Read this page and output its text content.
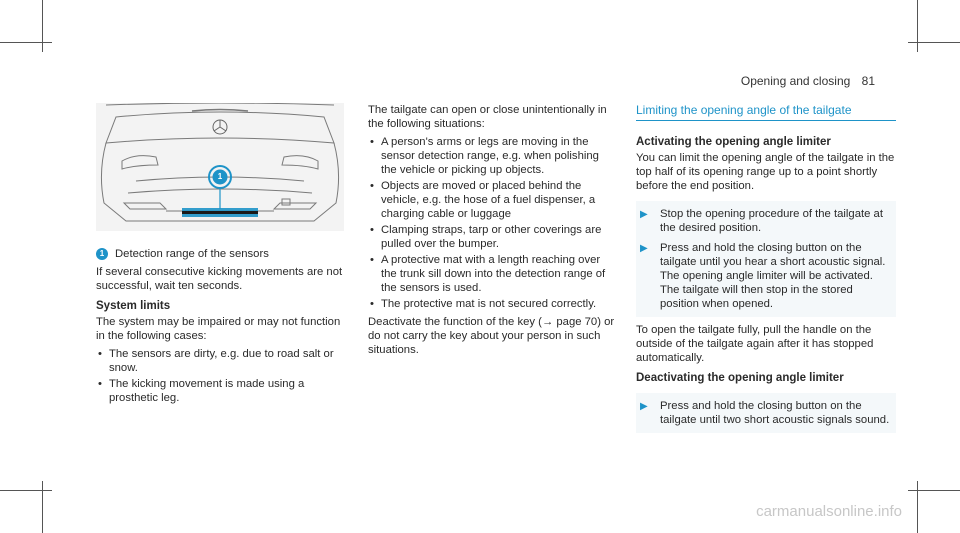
Opening and closing 81
1
1 Detection range of the sensors

If several consecutive kicking movements are not successful, wait ten seconds.

System limits

The system may be impaired or may not function in the following cases:

• The sensors are dirty, e.g. due to road salt or snow.
• The kicking movement is made using a prosthetic leg.

The tailgate can open or close unintentionally in the following situations:

• A person's arms or legs are moving in the sensor detection range, e.g. when polishing the vehicle or picking up objects.
• Objects are moved or placed behind the vehicle, e.g. the hose of a fuel dispenser, a charging cable or luggage
• Clamping straps, tarp or other coverings are pulled over the bumper.
• A protective mat with a length reaching over the trunk sill down into the detection range of the sensors is used.
• The protective mat is not secured correctly.

Deactivate the function of the key (→ page 70) or do not carry the key about your person in such situations.

Limiting the opening angle of the tailgate
Activating the opening angle limiter

You can limit the opening angle of the tailgate in the top half of its opening range up to a point shortly before the end position.

▶	Stop the opening procedure of the tailgate at the desired position.
▶	Press and hold the closing button on the tailgate until you hear a short acoustic signal. The opening angle limiter will be activated. The tailgate will then stop in the stored position when opened.

To open the tailgate fully, pull the handle on the outside of the tailgate again after it has stopped automatically.

Deactivating the opening angle limiter
▶	Press and hold the closing button on the tailgate until two short acoustic signals sound.
carmanualsonline.info
